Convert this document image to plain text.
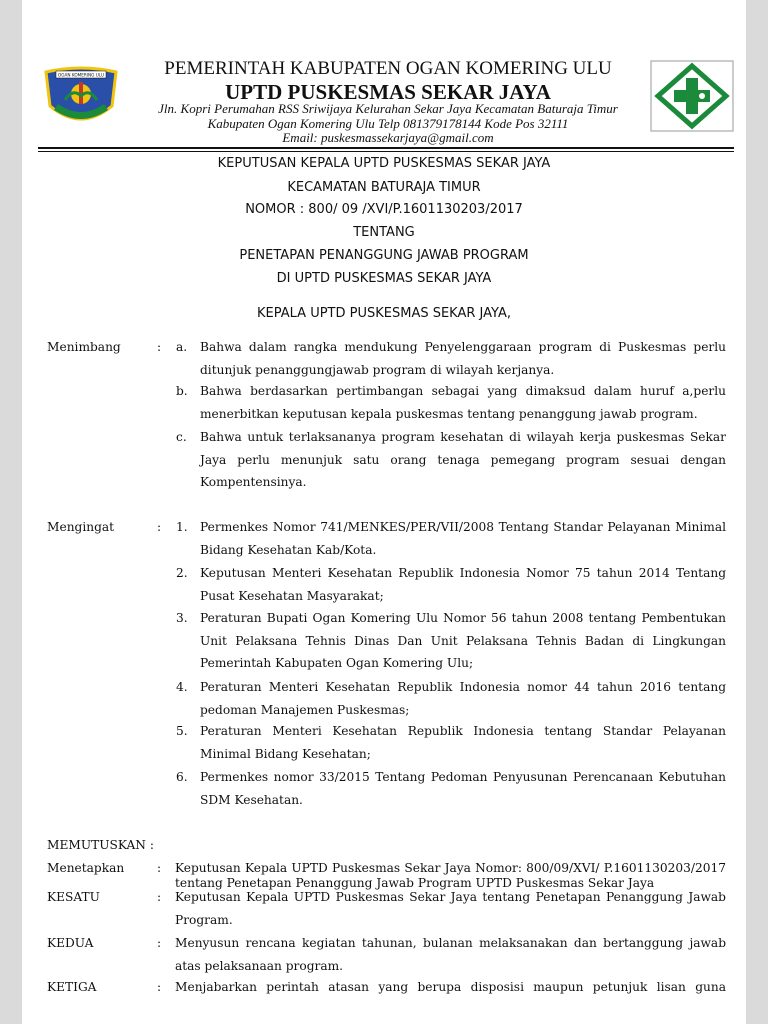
OGAN KOMERING ULU	PEMERINTAH KABUPATEN OGAN KOMERING ULU
UPTD PUSKESMAS SEKAR JAYA
Jln. Kopri Perumahan RSS Sriwijaya Kelurahan Sekar Jaya Kecamatan Baturaja Timur
Kabupaten Ogan Komering Ulu Telp 081379178144 Kode Pos 32111
Email: puskesmassekarjaya@gmail.com
KEPUTUSAN KEPALA UPTD PUSKESMAS SEKAR JAYA
KECAMATAN BATURAJA TIMUR
NOMOR : 800/ 09 /XVI/P.1601130203/2017
TENTANG
PENETAPAN PENANGGUNG JAWAB PROGRAM
DI UPTD PUSKESMAS SEKAR JAYA
KEPALA UPTD PUSKESMAS SEKAR JAYA,
Menimbang	: a. Bahwa dalam rangka mendukung Penyelenggaraan program di Puskesmas perlu ditunjuk penanggungjawab program di wilayah kerjanya.
b. Bahwa berdasarkan pertimbangan sebagai yang dimaksud dalam huruf a,perlu menerbitkan keputusan kepala puskesmas tentang penanggung jawab program.
c. Bahwa untuk terlaksananya program kesehatan di wilayah kerja puskesmas Sekar Jaya perlu menunjuk satu orang tenaga pemegang program sesuai dengan Kompentensinya.
Mengingat	: 1. Permenkes Nomor 741/MENKES/PER/VII/2008 Tentang Standar Pelayanan Minimal Bidang Kesehatan Kab/Kota.
2. Keputusan Menteri Kesehatan Republik Indonesia Nomor 75 tahun 2014 Tentang Pusat Kesehatan Masyarakat;
3. Peraturan Bupati Ogan Komering Ulu Nomor 56 tahun 2008 tentang Pembentukan Unit Pelaksana Tehnis Dinas Dan Unit Pelaksana Tehnis Badan di Lingkungan Pemerintah Kabupaten Ogan Komering Ulu;
4. Peraturan Menteri Kesehatan Republik Indonesia nomor 44 tahun 2016 tentang pedoman Manajemen Puskesmas;
5. Peraturan Menteri Kesehatan Republik Indonesia tentang Standar Pelayanan Minimal Bidang Kesehatan;
6. Permenkes nomor 33/2015 Tentang Pedoman Penyusunan Perencanaan Kebutuhan SDM Kesehatan.
MEMUTUSKAN :
Menetapkan	: Keputusan Kepala UPTD Puskesmas Sekar Jaya Nomor: 800/09/XVI/ P.1601130203/2017 tentang Penetapan Penanggung Jawab Program UPTD Puskesmas Sekar Jaya
KESATU	: Keputusan Kepala UPTD Puskesmas Sekar Jaya tentang Penetapan Penanggung Jawab Program.
KEDUA	: Menyusun rencana kegiatan tahunan, bulanan melaksanakan dan bertanggung jawab atas pelaksanaan program.
KETIGA	: Menjabarkan perintah atasan yang berupa disposisi maupun petunjuk lisan guna
